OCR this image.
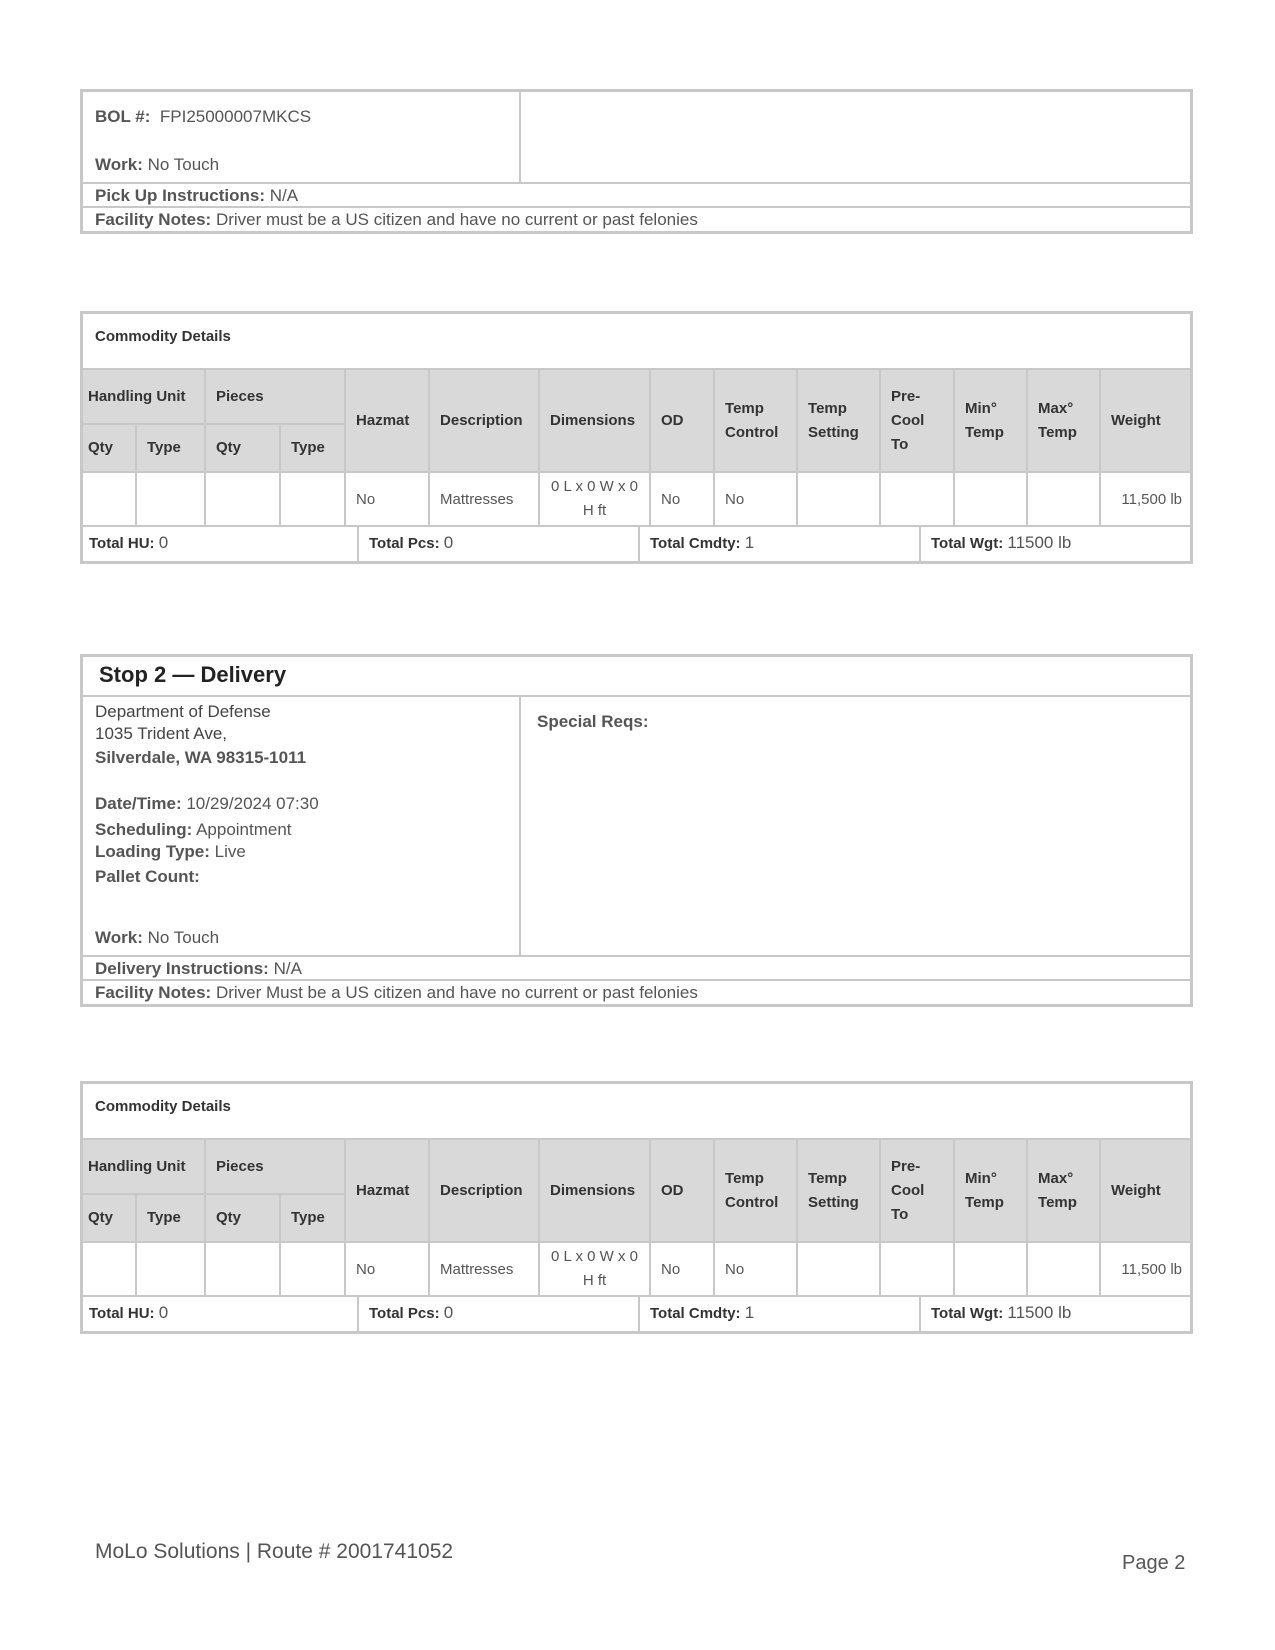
BOL #: FPI25000007MKCS
Work: No Touch
Pick Up Instructions: N/A
Facility Notes: Driver must be a US citizen and have no current or past felonies
Commodity Details
Handling Unit		Pieces		Hazmat	Description	Dimensions	OD	Temp Control	Temp Setting	Pre-Cool To	Min° Temp	Max° Temp	Weight
Qty	Type	Qty	Type										
				No	Mattresses	0 L x 0 W x 0 H ft	No	No					11,500 lb
Total HU: 0	Total Pcs: 0	Total Cmdty: 1	Total Wgt: 11500 lb
Stop 2 — Delivery
Department of Defense
1035 Trident Ave,
Silverdale, WA 98315-1011
Date/Time: 10/29/2024 07:30
Scheduling: Appointment
Loading Type: Live
Pallet Count:
Work: No Touch
Special Reqs:
Delivery Instructions: N/A
Facility Notes: Driver Must be a US citizen and have no current or past felonies
Commodity Details
Handling Unit		Pieces		Hazmat	Description	Dimensions	OD	Temp Control	Temp Setting	Pre-Cool To	Min° Temp	Max° Temp	Weight
Qty	Type	Qty	Type										
				No	Mattresses	0 L x 0 W x 0 H ft	No	No					11,500 lb
Total HU: 0	Total Pcs: 0	Total Cmdty: 1	Total Wgt: 11500 lb
MoLo Solutions | Route # 2001741052	Page 2
